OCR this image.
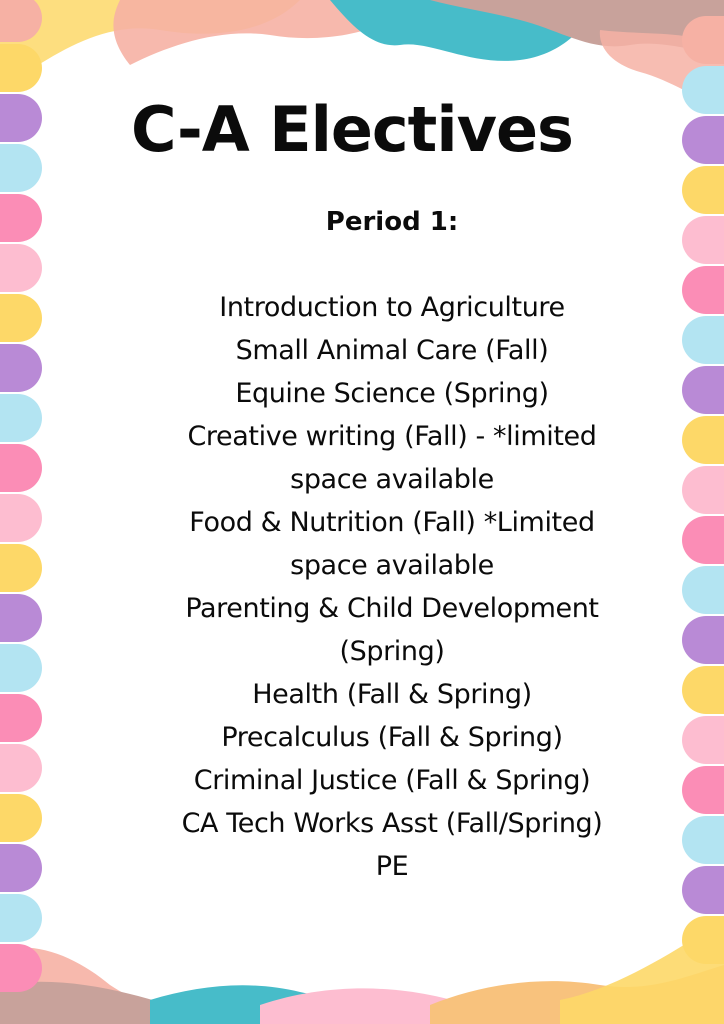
C-A Electives
Period 1:
Introduction to Agriculture
Small Animal Care (Fall)
Equine Science (Spring)
Creative writing (Fall) - *limited space available
Food & Nutrition (Fall) *Limited space available
Parenting & Child Development (Spring)
Health (Fall & Spring)
Precalculus (Fall & Spring)
Criminal Justice (Fall & Spring)
CA Tech Works Asst (Fall/Spring)
PE
